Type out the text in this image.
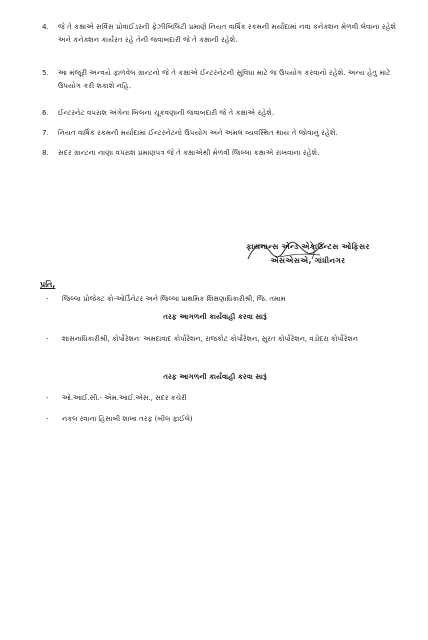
4.	જે તે કક્ષાએ સર્વિસ પ્રોવાઈડરની ફેઝીબિલિટી પ્રમાણે નિયત વાર્ષિક રકમની મર્યાદામાં નવા કનેક્શન મેળવી લેવાના રહેશે અને કનેક્શન કાર્યરત રહે તેની જવાબદારી જે તે કક્ષાની રહેશે.
5.	આ મંજૂરી અન્વયે ફાળવેલ ગ્રાન્ટનો જે તે કક્ષાએ ઈન્ટરનેટની સુવિધા માટે જ ઉપયોગ કરવાનો રહેશે. અન્ય હેતુ માટે ઉપયોગ કરી શકાશે નહિ.
6.	ઈન્ટરનેટ વપરાશ અંગેના બિલના ચૂકવણાની જવાબદારી જે તે કક્ષાએ રહેશે.
7.	નિયત વાર્ષિક રકમની મર્યાદામાં ઈન્ટરનેટનો ઉપયોગ અને અમલ વ્યવસ્થિત થાય તે જોવાનું રહેશે.
8.	સદર ગ્રાન્ટના નાણા વપરાશ પ્રમાણપત્ર જે તે કક્ષાએથી મેળવી જિલ્લા કક્ષાએ રાખવાના રહેશે.
ફાયનાન્સ એન્ડ એકાઉન્ટસ ઓફિસર
એસએસએ, ગાંધીનગર
પ્રતિ,
- જિલ્લા પ્રોજેક્ટ કો-ઓર્ડિનેટર અને જિલ્લા પ્રાથમિક શિક્ષણાધિકારીશ્રી, જિ. તમામ
તરફ આગળની કાર્યવાહી કરવા સારૂં
- શાસનાધિકારીશ્રી, કોર્પોરેશનઃ અમદાવાદ કોર્પોરેશન, રાજકોટ કોર્પોરેશન, સુરત કોર્પોરેશન, વડોદરા કોર્પોરેશન
તરફ આગળની કાર્યવાહી કરવા સારૂં
- ઓ.આઈ.સી.- એમ.આઈ.એસ., સદર કચેરી
- નકલ રવાના હિસાબી શાખા તરફ (બીલ ફાઈલે)
